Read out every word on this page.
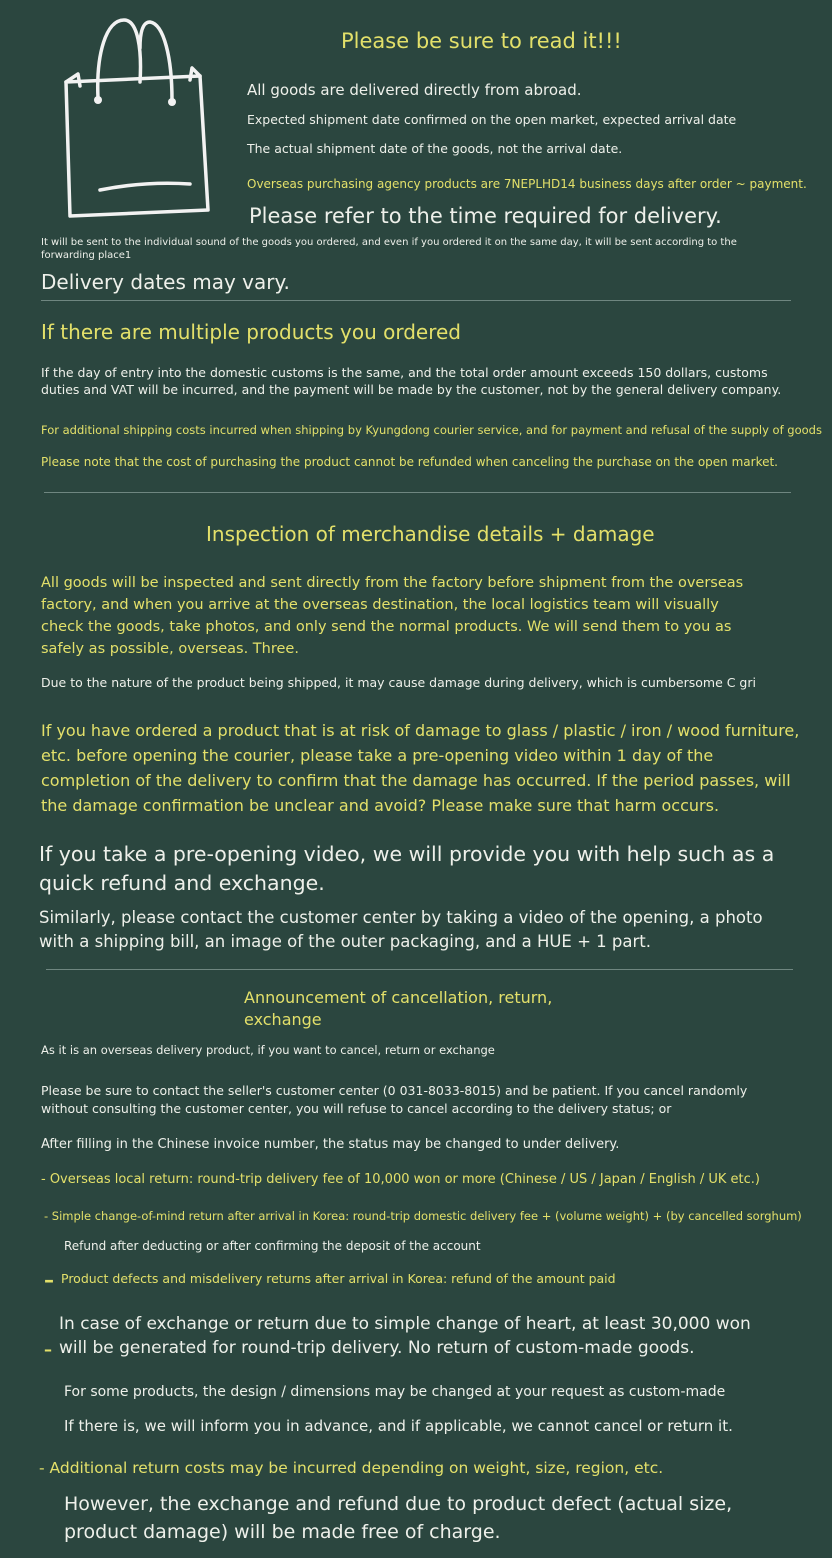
Please be sure to read it!!!
All goods are delivered directly from abroad.
Expected shipment date confirmed on the open market, expected arrival date
The actual shipment date of the goods, not the arrival date.
Overseas purchasing agency products are 7NEPLHD14 business days after order ~ payment.
Please refer to the time required for delivery.
It will be sent to the individual sound of the goods you ordered, and even if you ordered it on the same day, it will be sent according to the forwarding place1
Delivery dates may vary.
If there are multiple products you ordered
If the day of entry into the domestic customs is the same, and the total order amount exceeds 150 dollars, customs duties and VAT will be incurred, and the payment will be made by the customer, not by the general delivery company.
For additional shipping costs incurred when shipping by Kyungdong courier service, and for payment and refusal of the supply of goods
Please note that the cost of purchasing the product cannot be refunded when canceling the purchase on the open market.
Inspection of merchandise details + damage
All goods will be inspected and sent directly from the factory before shipment from the overseas factory, and when you arrive at the overseas destination, the local logistics team will visually check the goods, take photos, and only send the normal products. We will send them to you as safely as possible, overseas. Three.
Due to the nature of the product being shipped, it may cause damage during delivery, which is cumbersome C gri
If you have ordered a product that is at risk of damage to glass / plastic / iron / wood furniture, etc. before opening the courier, please take a pre-opening video within 1 day of the completion of the delivery to confirm that the damage has occurred. If the period passes, will the damage confirmation be unclear and avoid? Please make sure that harm occurs.
If you take a pre-opening video, we will provide you with help such as a quick refund and exchange.
Similarly, please contact the customer center by taking a video of the opening, a photo with a shipping bill, an image of the outer packaging, and a HUE + 1 part.
Announcement of cancellation, return, exchange
As it is an overseas delivery product, if you want to cancel, return or exchange
Please be sure to contact the seller's customer center (0 031-8033-8015) and be patient. If you cancel randomly without consulting the customer center, you will refuse to cancel according to the delivery status; or
After filling in the Chinese invoice number, the status may be changed to under delivery.
- Overseas local return: round-trip delivery fee of 10,000 won or more (Chinese / US / Japan / English / UK etc.)
- Simple change-of-mind return after arrival in Korea: round-trip domestic delivery fee + (volume weight) + (by cancelled sorghum)
Refund after deducting or after confirming the deposit of the account
– Product defects and misdelivery returns after arrival in Korea: refund of the amount paid
–
In case of exchange or return due to simple change of heart, at least 30,000 won will be generated for round-trip delivery. No return of custom-made goods.
For some products, the design / dimensions may be changed at your request as custom-made
If there is, we will inform you in advance, and if applicable, we cannot cancel or return it.
- Additional return costs may be incurred depending on weight, size, region, etc.
However, the exchange and refund due to product defect (actual size, product damage) will be made free of charge.
